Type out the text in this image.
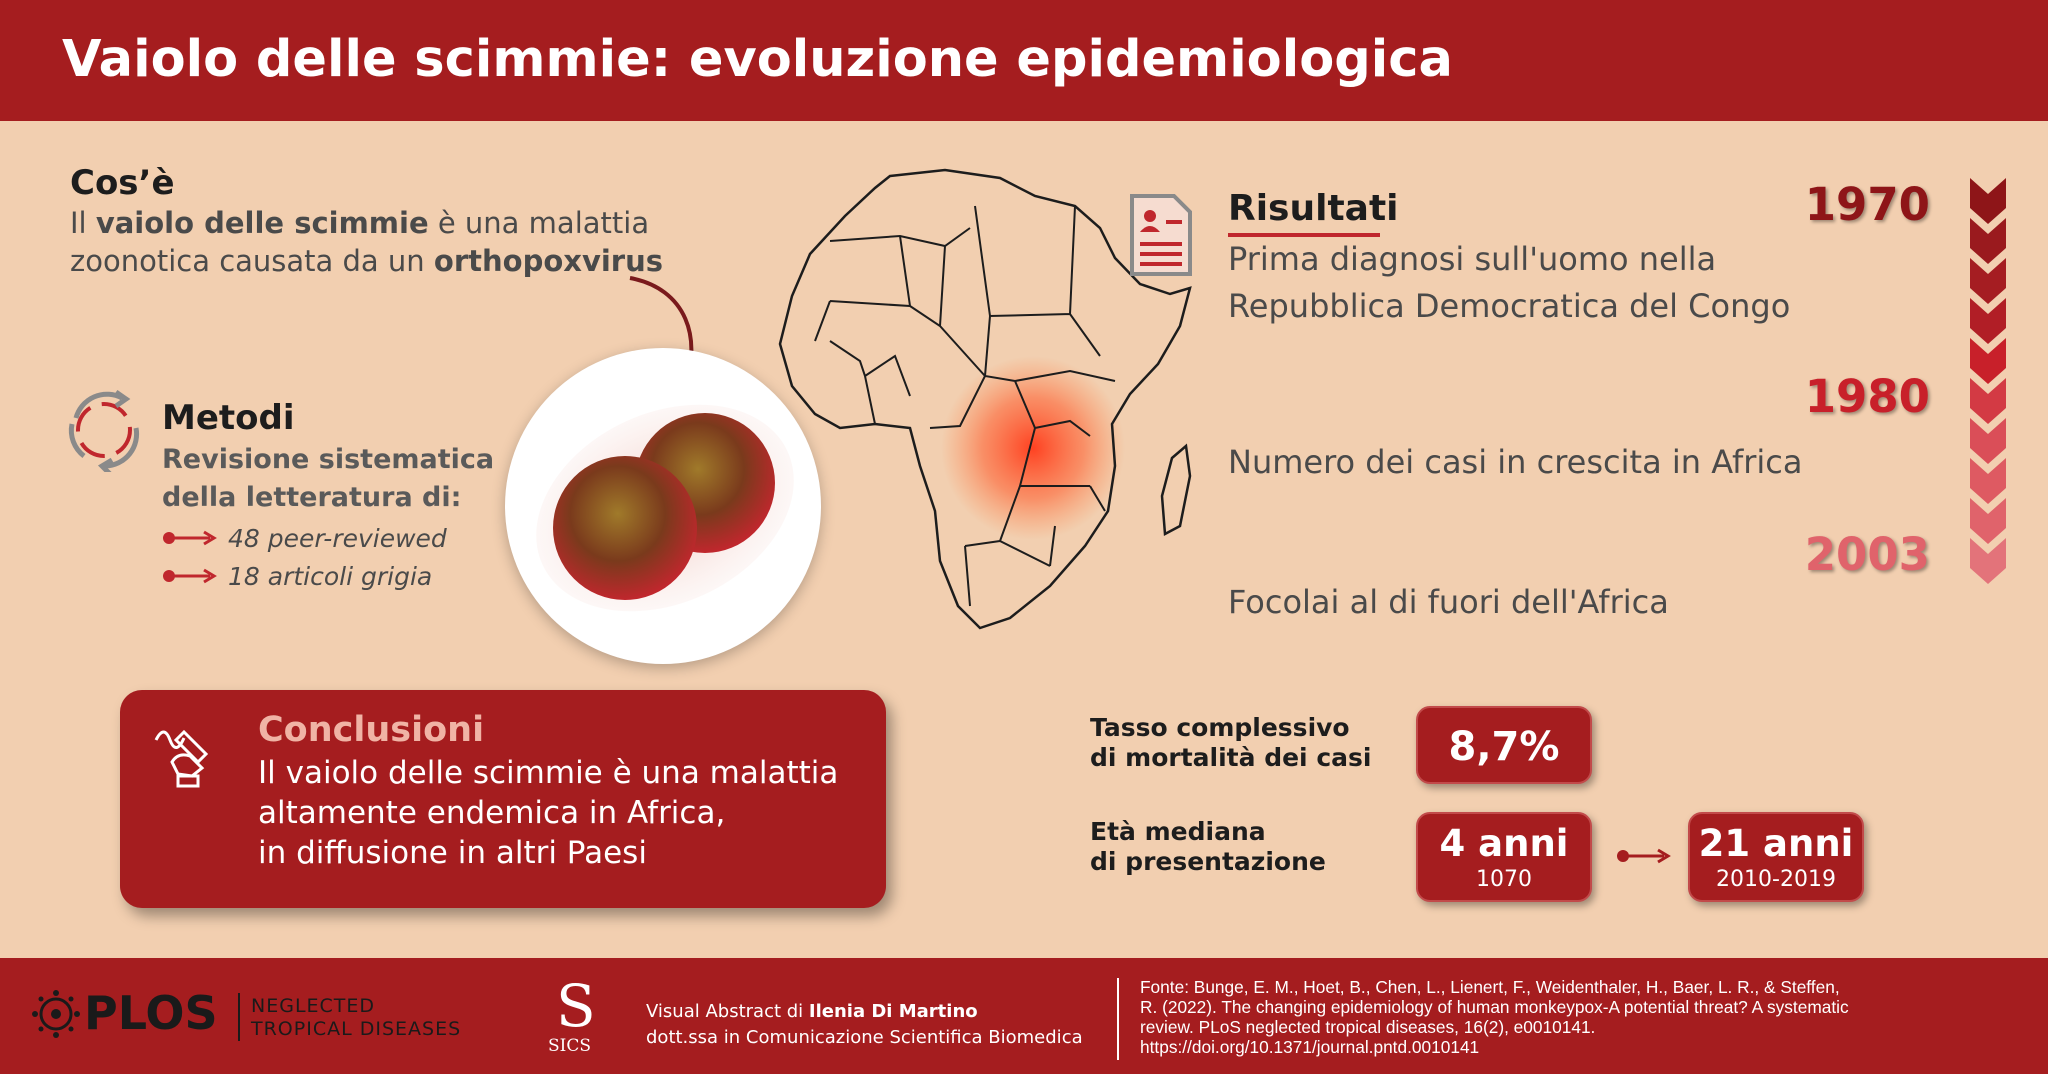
Vaiolo delle scimmie: evoluzione epidemiologica
Cos’è
Il vaiolo delle scimmie è una malattia
zoonotica causata da un orthopoxvirus
Metodi
Revisione sistematica
della letteratura di:
48 peer-reviewed
18 articoli grigia
Risultati	1970
Prima diagnosi sull'uomo nella
Repubblica Democratica del Congo
1980
Numero dei casi in crescita in Africa
2003
Focolai al di fuori dell'Africa
Conclusioni
Il vaiolo delle scimmie è una malattia
altamente endemica in Africa,
in diffusione in altri Paesi
Tasso complessivo
di mortalità dei casi	8,7%
Età mediana
di presentazione	4 anni
1070
21 anni
2010-2019
PLOS NEGLECTED
TROPICAL DISEASES S
SICS
Visual Abstract di Ilenia Di Martino
dott.ssa in Comunicazione Scientifica Biomedica
Fonte: Bunge, E. M., Hoet, B., Chen, L., Lienert, F., Weidenthaler, H., Baer, L. R., & Steffen,
R. (2022). The changing epidemiology of human monkeypox-A potential threat? A systematic
review. PLoS neglected tropical diseases, 16(2), e0010141.
https://doi.org/10.1371/journal.pntd.0010141
